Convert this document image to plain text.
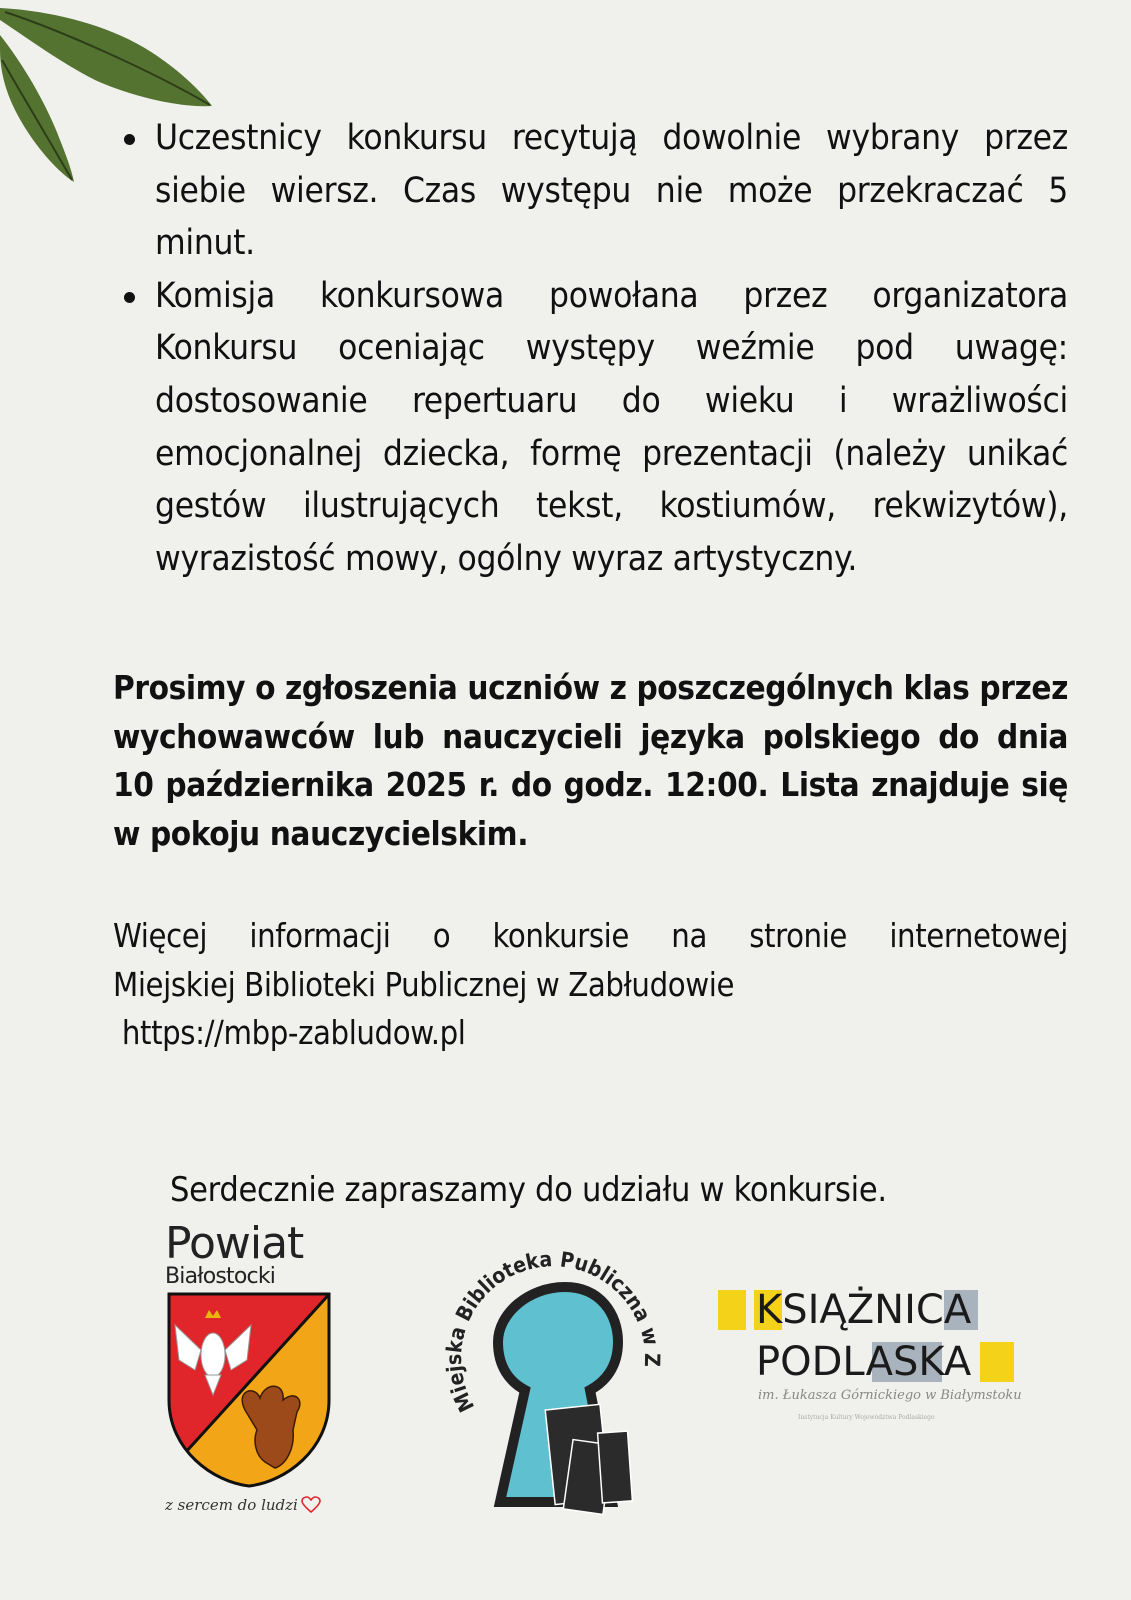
Uczestnicy konkursu recytują dowolnie wybrany przez siebie wiersz. Czas występu nie może przekraczać 5 minut.
Komisja konkursowa powołana przez organizatora Konkursu oceniając występy weźmie pod uwagę: dostosowanie repertuaru do wieku i wrażliwości emocjonalnej dziecka, formę prezentacji (należy unikać gestów ilustrujących tekst, kostiumów, rekwizytów), wyrazistość mowy, ogólny wyraz artystyczny.
Prosimy o zgłoszenia uczniów z poszczególnych klas przez wychowawców lub nauczycieli języka polskiego do dnia 10 października 2025 r. do godz. 12:00. Lista znajduje się w pokoju nauczycielskim.
Więcej informacji o konkursie na stronie internetowej
Miejskiej Biblioteki Publicznej w Zabłudowie
https://mbp-zabludow.pl
Serdecznie zapraszamy do udziału w konkursie.
Powiat
Białostocki
z sercem do ludzi
Miejska Biblioteka Publiczna w Z
KSIĄŻNICA
PODLASKA
im. Łukasza Górnickiego w Białymstoku
Instytucja Kultury Województwa Podlaskiego
